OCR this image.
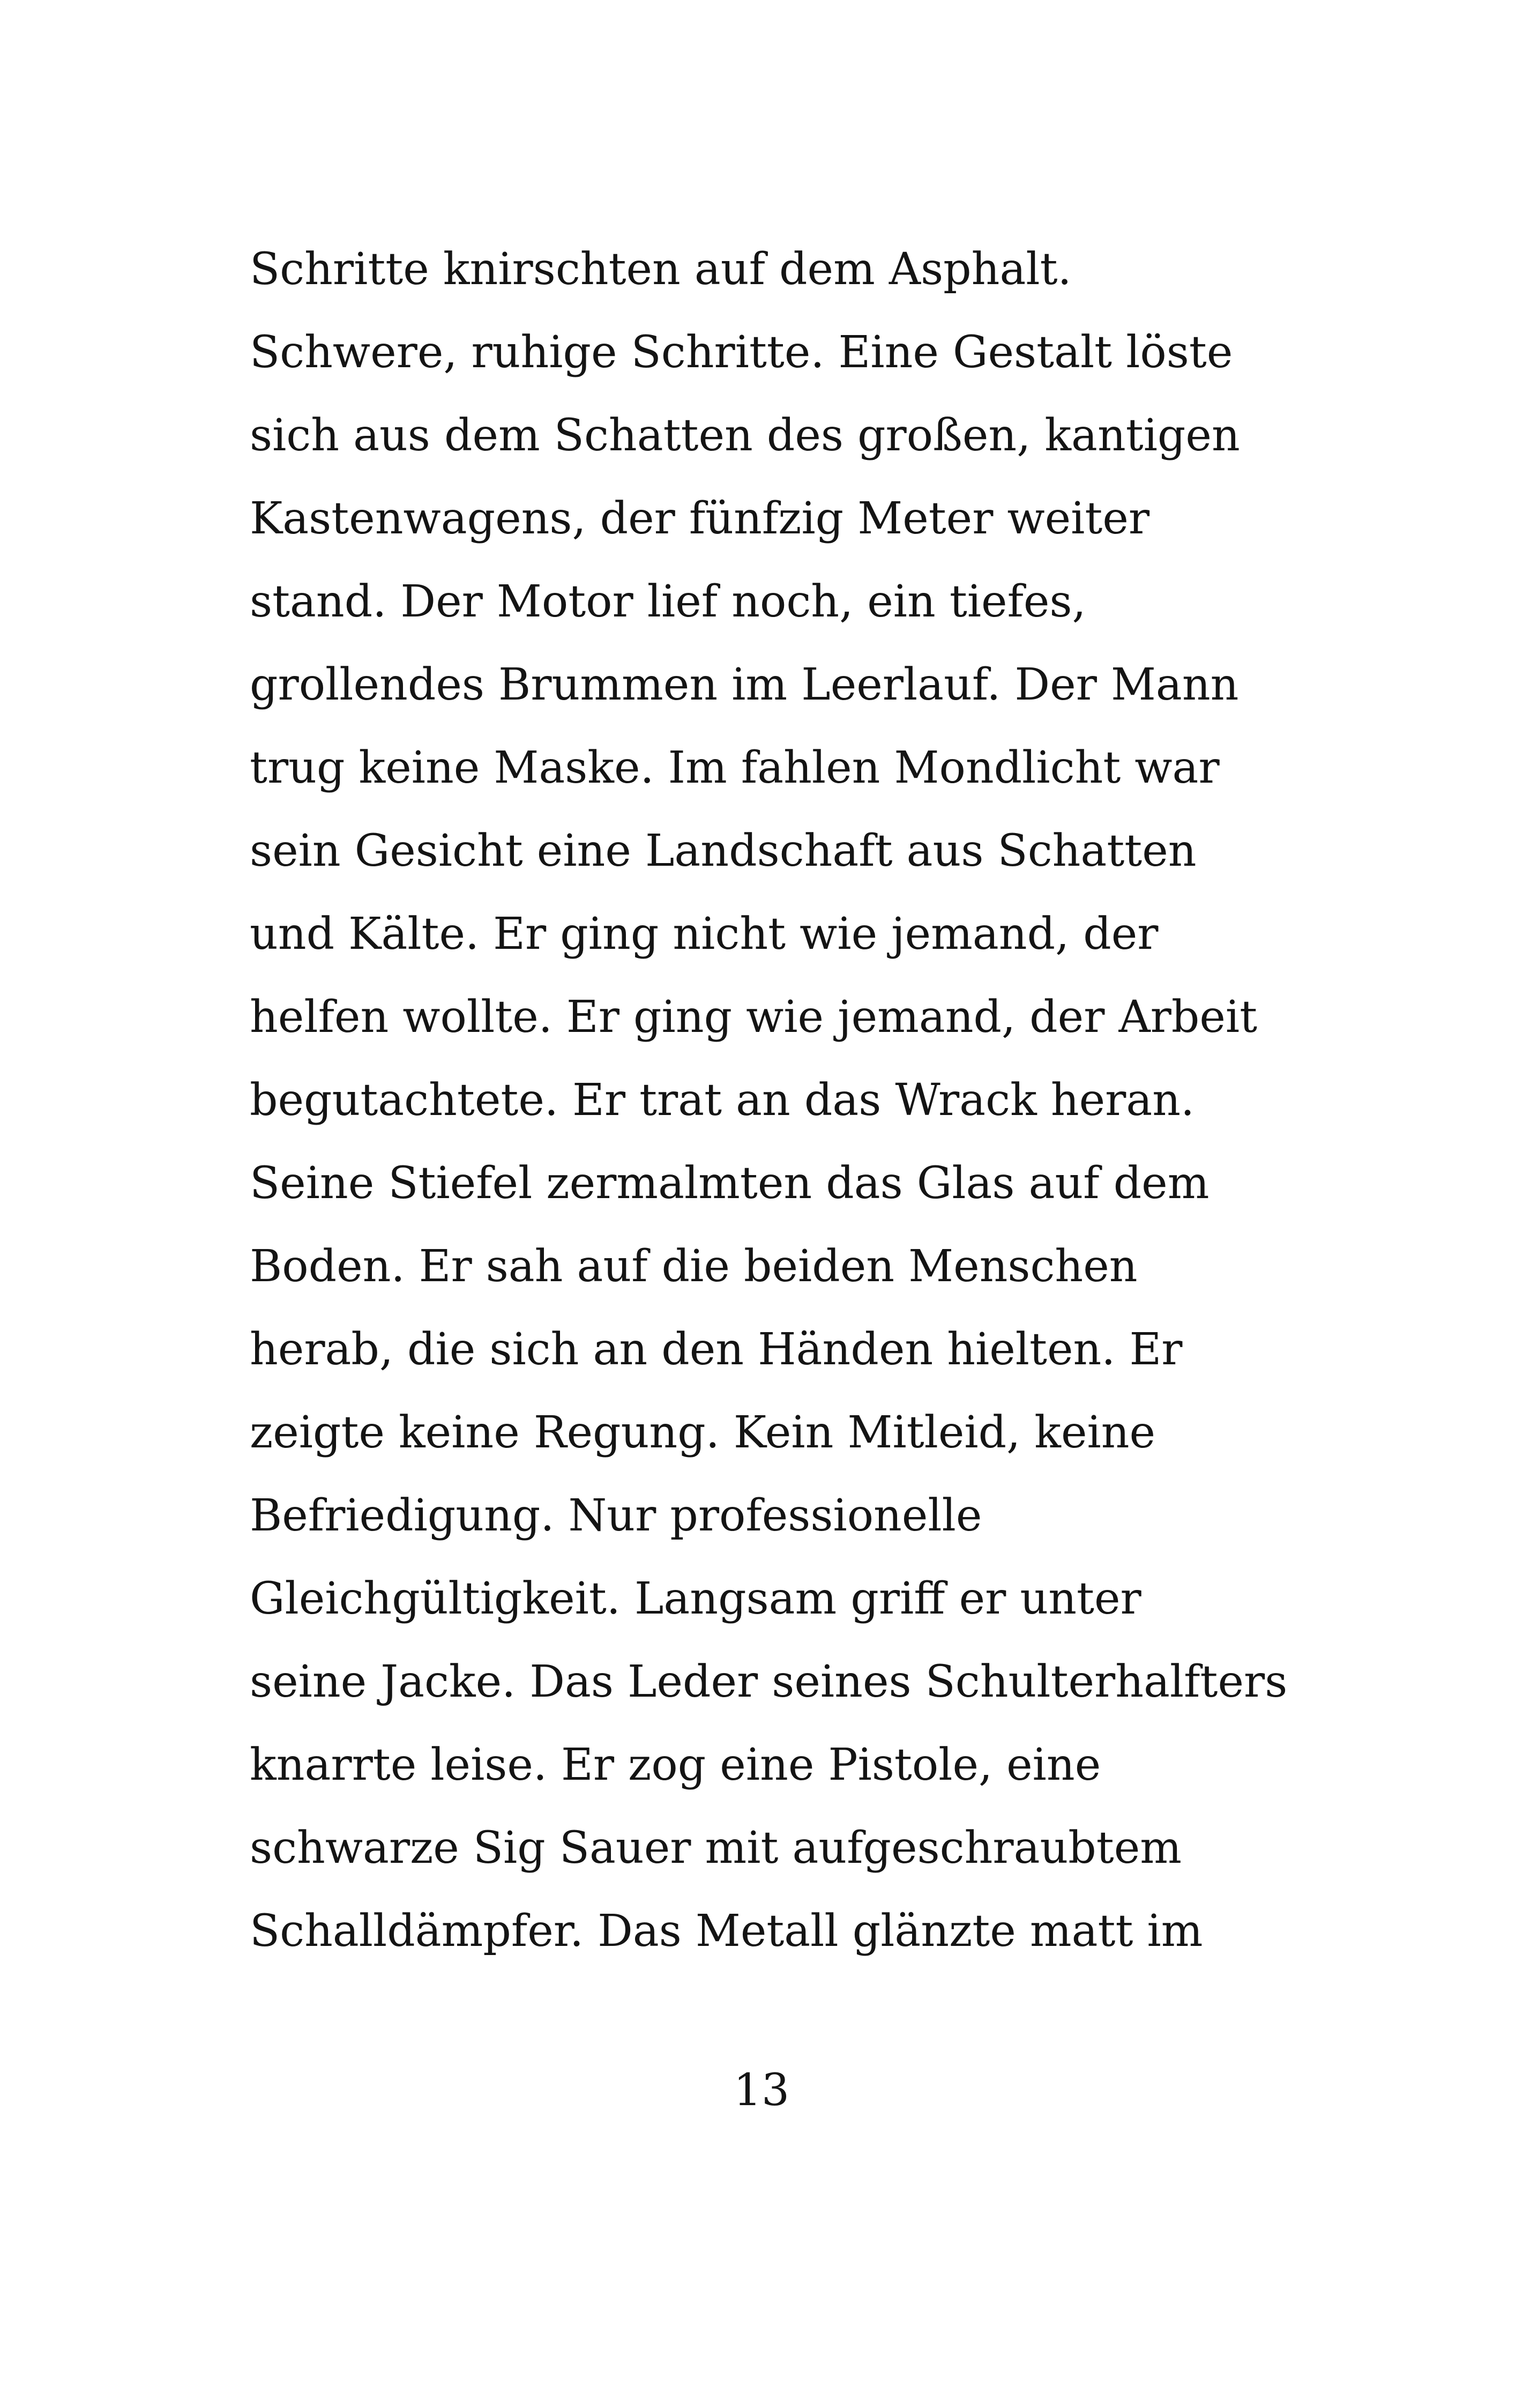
Schritte knirschten auf dem Asphalt.
Schwere, ruhige Schritte. Eine Gestalt löste
sich aus dem Schatten des großen, kantigen
Kastenwagens, der fünfzig Meter weiter
stand. Der Motor lief noch, ein tiefes,
grollendes Brummen im Leerlauf. Der Mann
trug keine Maske. Im fahlen Mondlicht war
sein Gesicht eine Landschaft aus Schatten
und Kälte. Er ging nicht wie jemand, der
helfen wollte. Er ging wie jemand, der Arbeit
begutachtete. Er trat an das Wrack heran.
Seine Stiefel zermalmten das Glas auf dem
Boden. Er sah auf die beiden Menschen
herab, die sich an den Händen hielten. Er
zeigte keine Regung. Kein Mitleid, keine
Befriedigung. Nur professionelle
Gleichgültigkeit. Langsam griff er unter
seine Jacke. Das Leder seines Schulterhalfters
knarrte leise. Er zog eine Pistole, eine
schwarze Sig Sauer mit aufgeschraubtem
Schalldämpfer. Das Metall glänzte matt im
13
